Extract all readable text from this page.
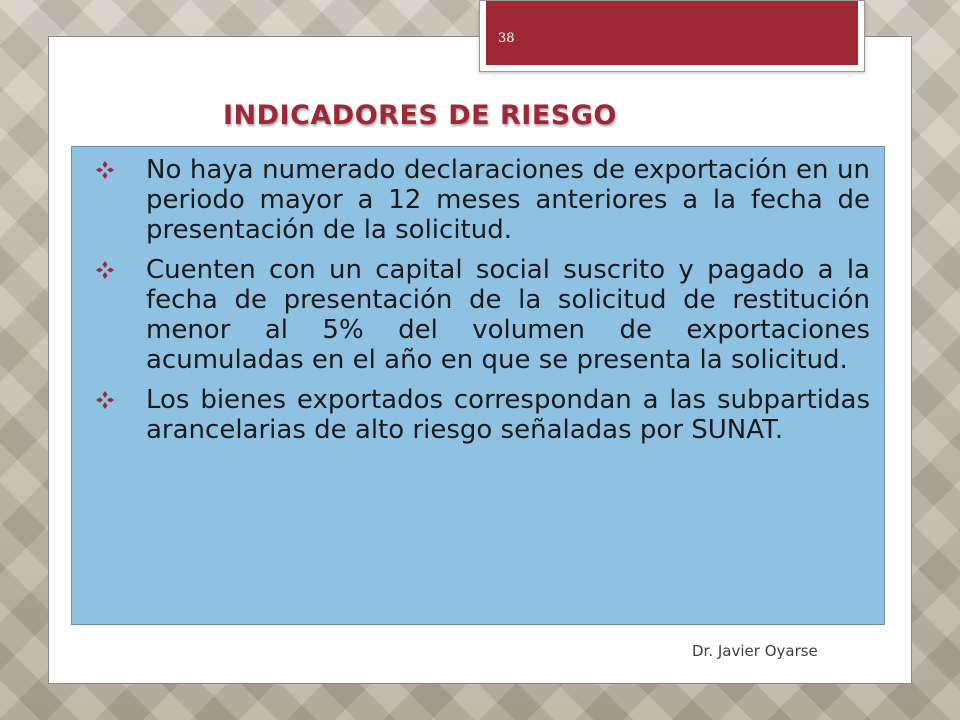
38
INDICADORES DE RIESGO
No haya numerado declaraciones de exportación en un periodo mayor a 12 meses anteriores a la fecha de presentación de la solicitud.
Cuenten con un capital social suscrito y pagado a la fecha de presentación de la solicitud de restitución menor al 5% del volumen de exportaciones acumuladas en el año en que se presenta la solicitud.
Los bienes exportados correspondan a las subpartidas arancelarias de alto riesgo señaladas por SUNAT.
Dr. Javier Oyarse
